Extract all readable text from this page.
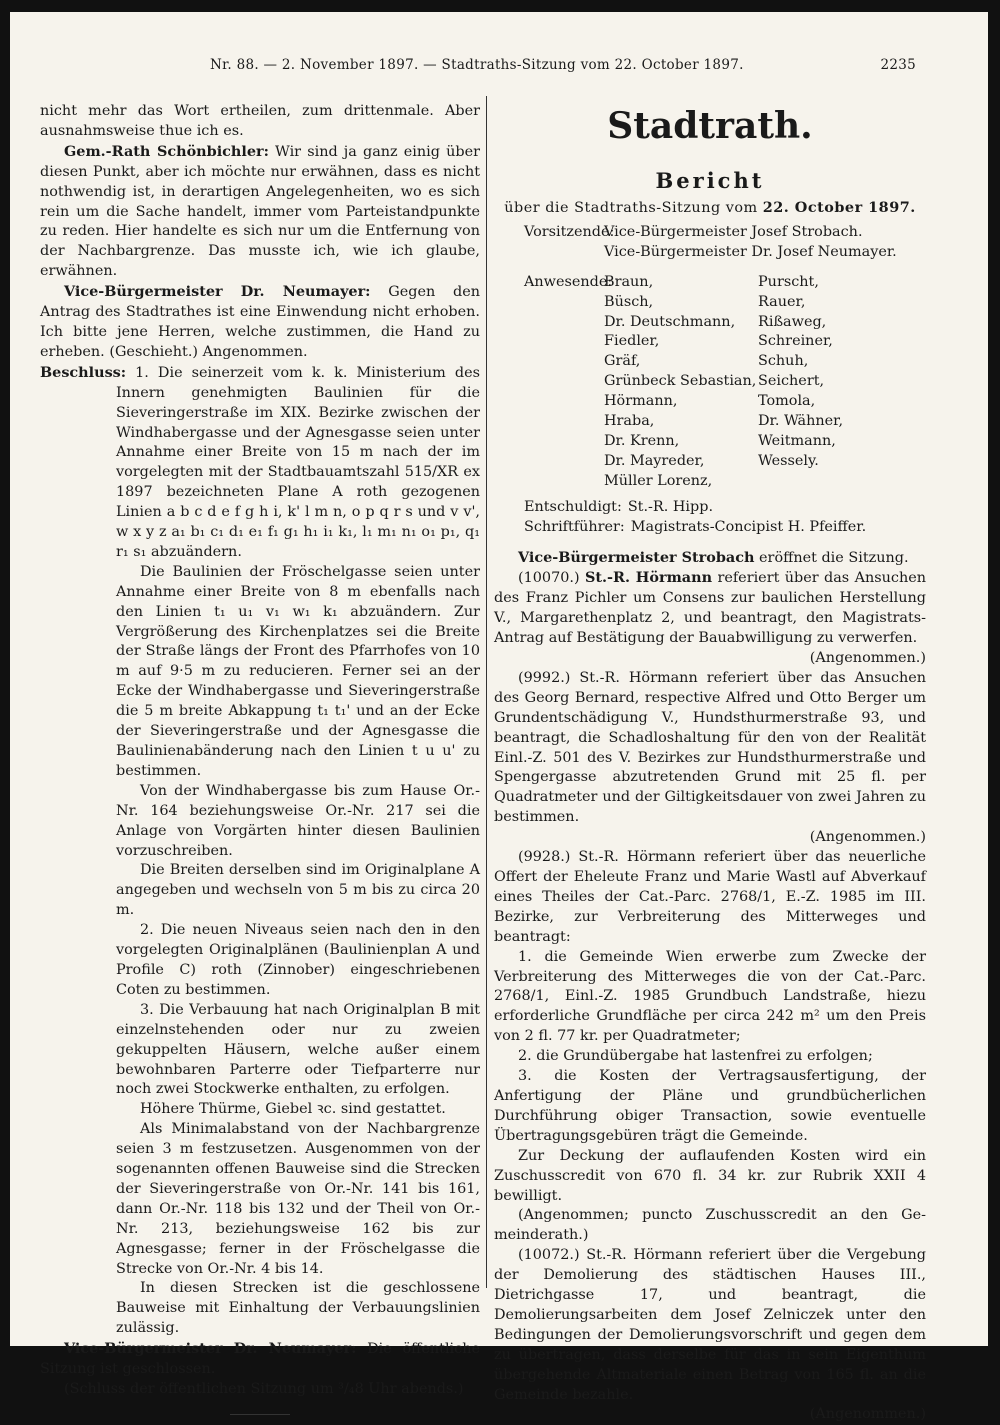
Nr. 88. — 2. November 1897. — Stadtraths-Sitzung vom 22. October 1897.	2235

nicht mehr das Wort ertheilen, zum drittenmale. Aber ausnahmsweise thue ich es.

Gem.-Rath Schönbichler: Wir sind ja ganz einig über diesen Punkt, aber ich möchte nur erwähnen, dass es nicht nothwendig ist, in derartigen Angelegenheiten, wo es sich rein um die Sache handelt, immer vom Parteistandpunkte zu reden. Hier handelte es sich nur um die Entfernung von der Nachbargrenze. Das musste ich, wie ich glaube, erwähnen.

Vice-Bürgermeister Dr. Neumayer: Gegen den Antrag des Stadtrathes ist eine Einwendung nicht erhoben. Ich bitte jene Herren, welche zustimmen, die Hand zu erheben. (Geschieht.) Angenommen.

Beschluss: 1. Die seinerzeit vom k. k. Ministerium des Innern genehmigten Baulinien für die Sieveringerstraße im XIX. Bezirke zwischen der Windhabergasse und der Agnesgasse seien unter Annahme einer Breite von 15 m nach der im vorgelegten mit der Stadtbauamtszahl 515/XR ex 1897 bezeichneten Plane A roth gezogenen Linien a b c d e f g h i, k' l m n, o p q r s und v v', w x y z a₁ b₁ c₁ d₁ e₁ f₁ g₁ h₁ i₁ k₁, l₁ m₁ n₁ o₁ p₁, q₁ r₁ s₁ abzuändern.

Die Baulinien der Fröschelgasse seien unter Annahme einer Breite von 8 m ebenfalls nach den Linien t₁ u₁ v₁ w₁ k₁ abzuändern. Zur Vergrößerung des Kirchenplatzes sei die Breite der Straße längs der Front des Pfarrhofes von 10 m auf 9·5 m zu reducieren. Ferner sei an der Ecke der Windhabergasse und Sieveringerstraße die 5 m breite Abkappung t₁ t₁' und an der Ecke der Sieveringerstraße und der Agnesgasse die Baulinienabänderung nach den Linien t u u' zu bestimmen.
Von der Windhabergasse bis zum Hause Or.-Nr. 164 beziehungsweise Or.-Nr. 217 sei die Anlage von Vorgärten hinter diesen Baulinien vorzuschreiben.
Die Breiten derselben sind im Originalplane A angegeben und wechseln von 5 m bis zu circa 20 m.
2. Die neuen Niveaus seien nach den in den vorgelegten Originalplänen (Baulinienplan A und Profile C) roth (Zinnober) eingeschriebenen Coten zu bestimmen.
3. Die Verbauung hat nach Originalplan B mit einzelnstehenden oder nur zu zweien gekuppelten Häusern, welche außer einem bewohnbaren Parterre oder Tiefparterre nur noch zwei Stockwerke enthalten, zu erfolgen.
Höhere Thürme, Giebel ꝛc. sind gestattet.
Als Minimalabstand von der Nachbargrenze seien 3 m festzusetzen. Ausgenommen von der sogenannten offenen Bauweise sind die Strecken der Sieveringerstraße von Or.-Nr. 141 bis 161, dann Or.-Nr. 118 bis 132 und der Theil von Or.-Nr. 213, beziehungsweise 162 bis zur Agnesgasse; ferner in der Fröschelgasse die Strecke von Or.-Nr. 4 bis 14.
In diesen Strecken ist die geschlossene Bauweise mit Einhaltung der Verbauungslinien zulässig.

Vice-Bürgermeister Dr. Neumayer: Die öffentliche Sitzung ist geschlossen.

(Schluss der öffentlichen Sitzung um ³/₄8 Uhr abends.)

Stadtrath.
Bericht
über die Stadtraths-Sitzung vom 22. October 1897.
Vorsitzende:
Vice-Bürgermeister Josef Strobach.
Vice-Bürgermeister Dr. Josef Neumayer.
Anwesende:
Braun,
Büsch,
Dr. Deutschmann,
Fiedler,
Gräf,
Grünbeck Sebastian,
Hörmann,
Hraba,
Dr. Krenn,
Dr. Mayreder,
Müller Lorenz,
Purscht,
Rauer,
Rißaweg,
Schreiner,
Schuh,
Seichert,
Tomola,
Dr. Wähner,
Weitmann,
Wessely.
Entschuldigt: St.-R. Hipp.
Schriftführer: Magistrats-Concipist H. Pfeiffer.

Vice-Bürgermeister Strobach eröffnet die Sitzung.

(10070.) St.-R. Hörmann referiert über das Ansuchen des Franz Pichler um Consens zur baulichen Herstellung V., Margarethenplatz 2, und beantragt, den Magistrats-Antrag auf Bestätigung der Bauabwilligung zu verwerfen.

(Angenommen.)

(9992.) St.-R. Hörmann referiert über das Ansuchen des Georg Bernard, respective Alfred und Otto Berger um Grundentschädigung V., Hundsthurmerstraße 93, und beantragt, die Schadloshaltung für den von der Realität Einl.-Z. 501 des V. Bezirkes zur Hundsthurmerstraße und Spengergasse abzutretenden Grund mit 25 fl. per Quadratmeter und der Giltigkeitsdauer von zwei Jahren zu bestimmen.

(Angenommen.)

(9928.) St.-R. Hörmann referiert über das neuerliche Offert der Eheleute Franz und Marie Wastl auf Abverkauf eines Theiles der Cat.-Parc. 2768/1, E.-Z. 1985 im III. Bezirke, zur Verbreiterung des Mitterweges und beantragt:

1. die Gemeinde Wien erwerbe zum Zwecke der Verbreiterung des Mitterweges die von der Cat.-Parc. 2768/1, Einl.-Z. 1985 Grundbuch Landstraße, hiezu erforderliche Grundfläche per circa 242 m² um den Preis von 2 fl. 77 kr. per Quadratmeter;

2. die Grundübergabe hat lastenfrei zu erfolgen;

3. die Kosten der Vertragsausfertigung, der Anfertigung der Pläne und grundbücherlichen Durchführung obiger Transaction, sowie eventuelle Übertragungsgebüren trägt die Gemeinde.

Zur Deckung der auflaufenden Kosten wird ein Zuschusscredit von 670 fl. 34 kr. zur Rubrik XXII 4 bewilligt.

(Angenommen; puncto Zuschusscredit an den Gemeinderath.)

(10072.) St.-R. Hörmann referiert über die Vergebung der Demolierung des städtischen Hauses III., Dietrichgasse 17, und beantragt, die Demolierungsarbeiten dem Josef Zelniczek unter den Bedingungen der Demolierungsvorschrift und gegen dem zu übertragen, dass derselbe für das in sein Eigenthum übergehende Altmateriale einen Betrag von 165 fl. an die Gemeinde bezahle.

(Angenommen.)
